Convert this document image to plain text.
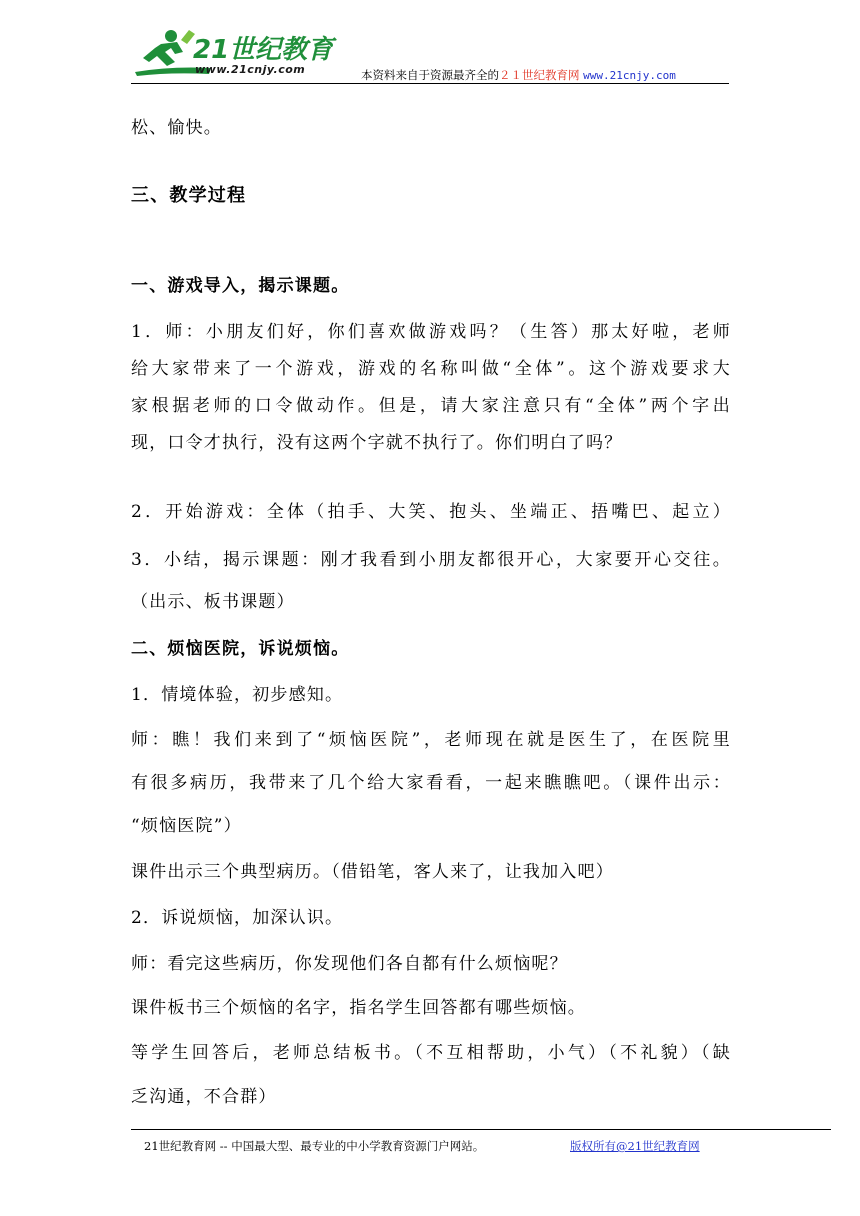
21世纪教育
www.21cnjy.com	本资料来自于资源最齐全的２１世纪教育网 www.21cnjy.com
松、愉快。
三、教学过程
一、游戏导入，揭示课题。
1．师：小朋友们好，你们喜欢做游戏吗？（生答）那太好啦，老师
给大家带来了一个游戏，游戏的名称叫做“全体”。这个游戏要求大
家根据老师的口令做动作。但是，请大家注意只有“全体”两个字出
现，口令才执行，没有这两个字就不执行了。你们明白了吗？
2．开始游戏：全体（拍手、大笑、抱头、坐端正、捂嘴巴、起立）
3．小结，揭示课题：刚才我看到小朋友都很开心，大家要开心交往。
（出示、板书课题）
二、烦恼医院，诉说烦恼。
1．情境体验，初步感知。
师：瞧！我们来到了“烦恼医院”，老师现在就是医生了，在医院里
有很多病历，我带来了几个给大家看看，一起来瞧瞧吧。（课件出示：
“烦恼医院”）
课件出示三个典型病历。（借铅笔，客人来了，让我加入吧）
2．诉说烦恼，加深认识。
师：看完这些病历，你发现他们各自都有什么烦恼呢？
课件板书三个烦恼的名字，指名学生回答都有哪些烦恼。
等学生回答后，老师总结板书。（不互相帮助，小气）（不礼貌）（缺
乏沟通，不合群）
21世纪教育网 -- 中国最大型、最专业的中小学教育资源门户网站。	版权所有@21世纪教育网
